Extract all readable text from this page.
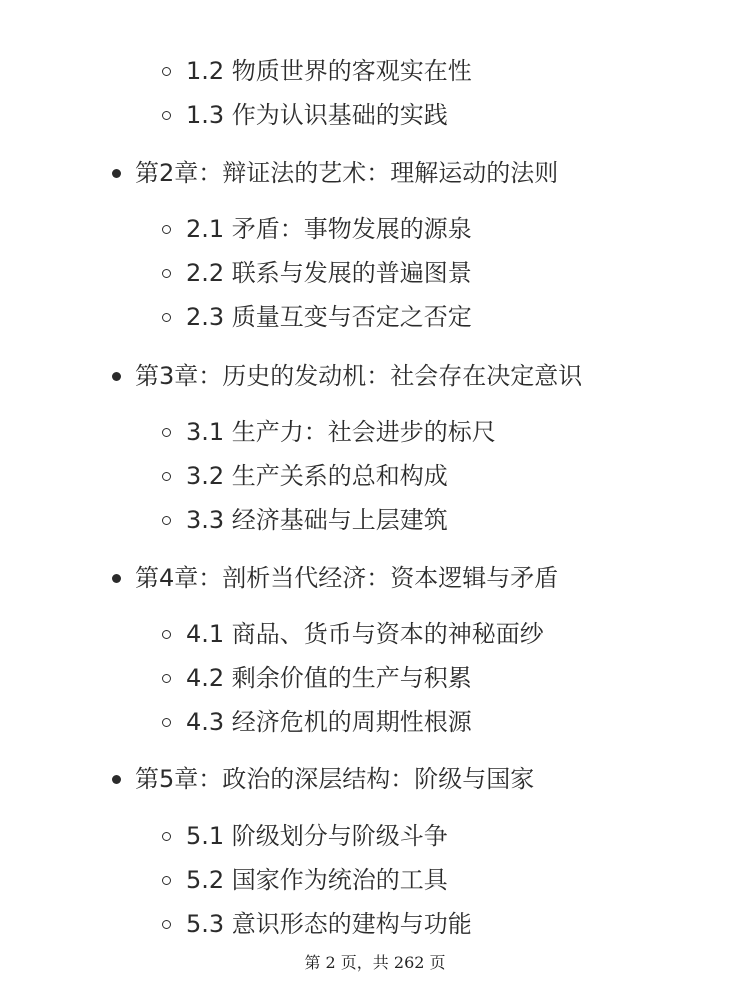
1.2 物质世界的客观实在性
1.3 作为认识基础的实践
第2章：辩证法的艺术：理解运动的法则
2.1 矛盾：事物发展的源泉
2.2 联系与发展的普遍图景
2.3 质量互变与否定之否定
第3章：历史的发动机：社会存在决定意识
3.1 生产力：社会进步的标尺
3.2 生产关系的总和构成
3.3 经济基础与上层建筑
第4章：剖析当代经济：资本逻辑与矛盾
4.1 商品、货币与资本的神秘面纱
4.2 剩余价值的生产与积累
4.3 经济危机的周期性根源
第5章：政治的深层结构：阶级与国家
5.1 阶级划分与阶级斗争
5.2 国家作为统治的工具
5.3 意识形态的建构与功能
第 2 页，共 262 页
